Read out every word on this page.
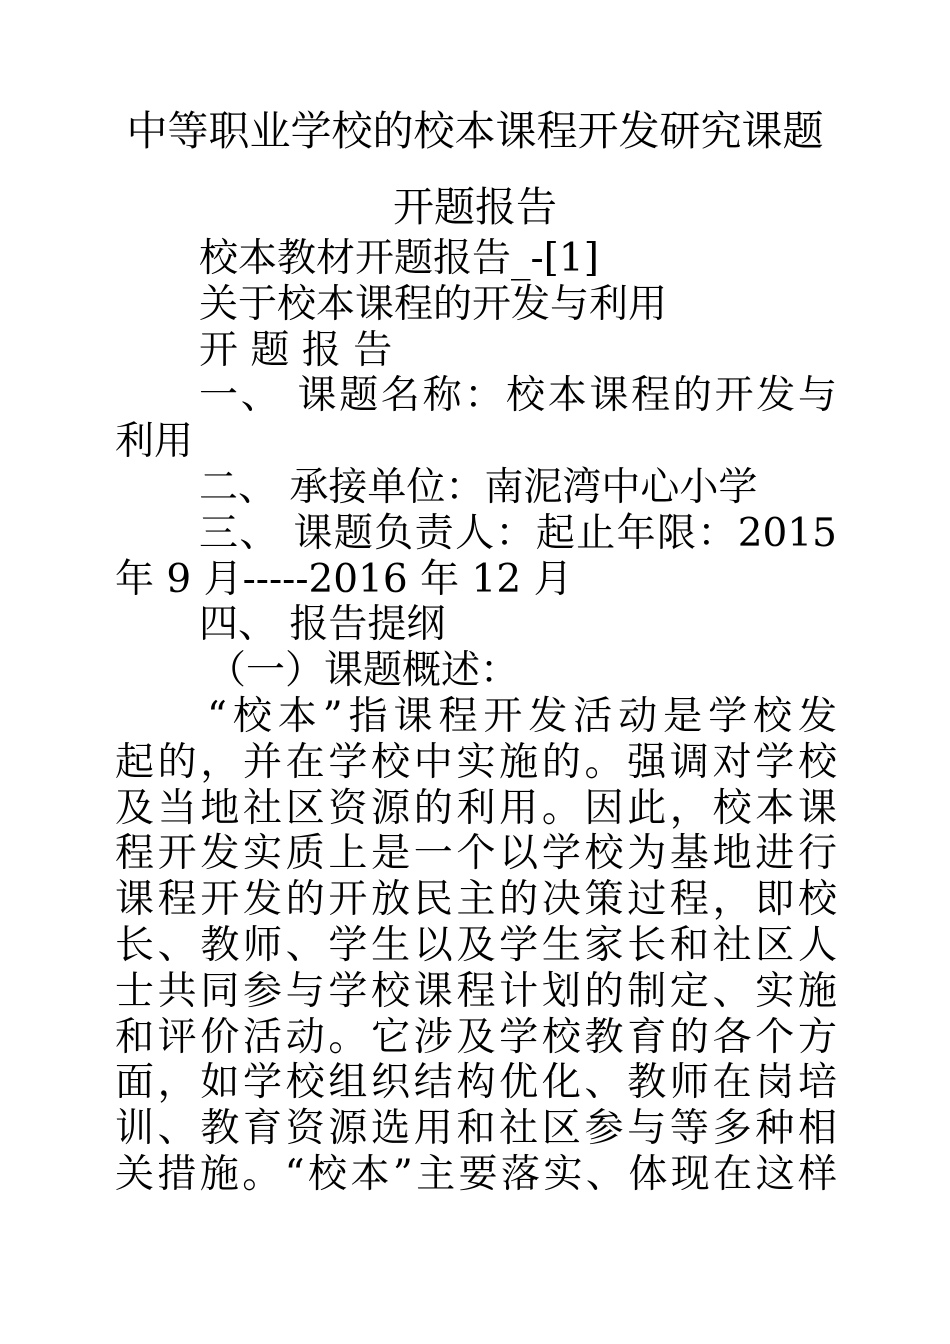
中等职业学校的校本课程开发研究课题
开题报告
校本教材开题报告_-[1]
关于校本课程的开发与利用
开 题 报 告
一、 课题名称：校本课程的开发与
利用
二、 承接单位：南泥湾中心小学
三、 课题负责人：起止年限：2015
年 9 月-----2016 年 12 月
四、 报告提纲
（一）课题概述：
“校本”指课程开发活动是学校发
起的，并在学校中实施的。强调对学校
及当地社区资源的利用。因此，校本课
程开发实质上是一个以学校为基地进行
课程开发的开放民主的决策过程，即校
长、教师、学生以及学生家长和社区人
士共同参与学校课程计划的制定、实施
和评价活动。它涉及学校教育的各个方
面，如学校组织结构优化、教师在岗培
训、教育资源选用和社区参与等多种相
关措施。“校本”主要落实、体现在这样
